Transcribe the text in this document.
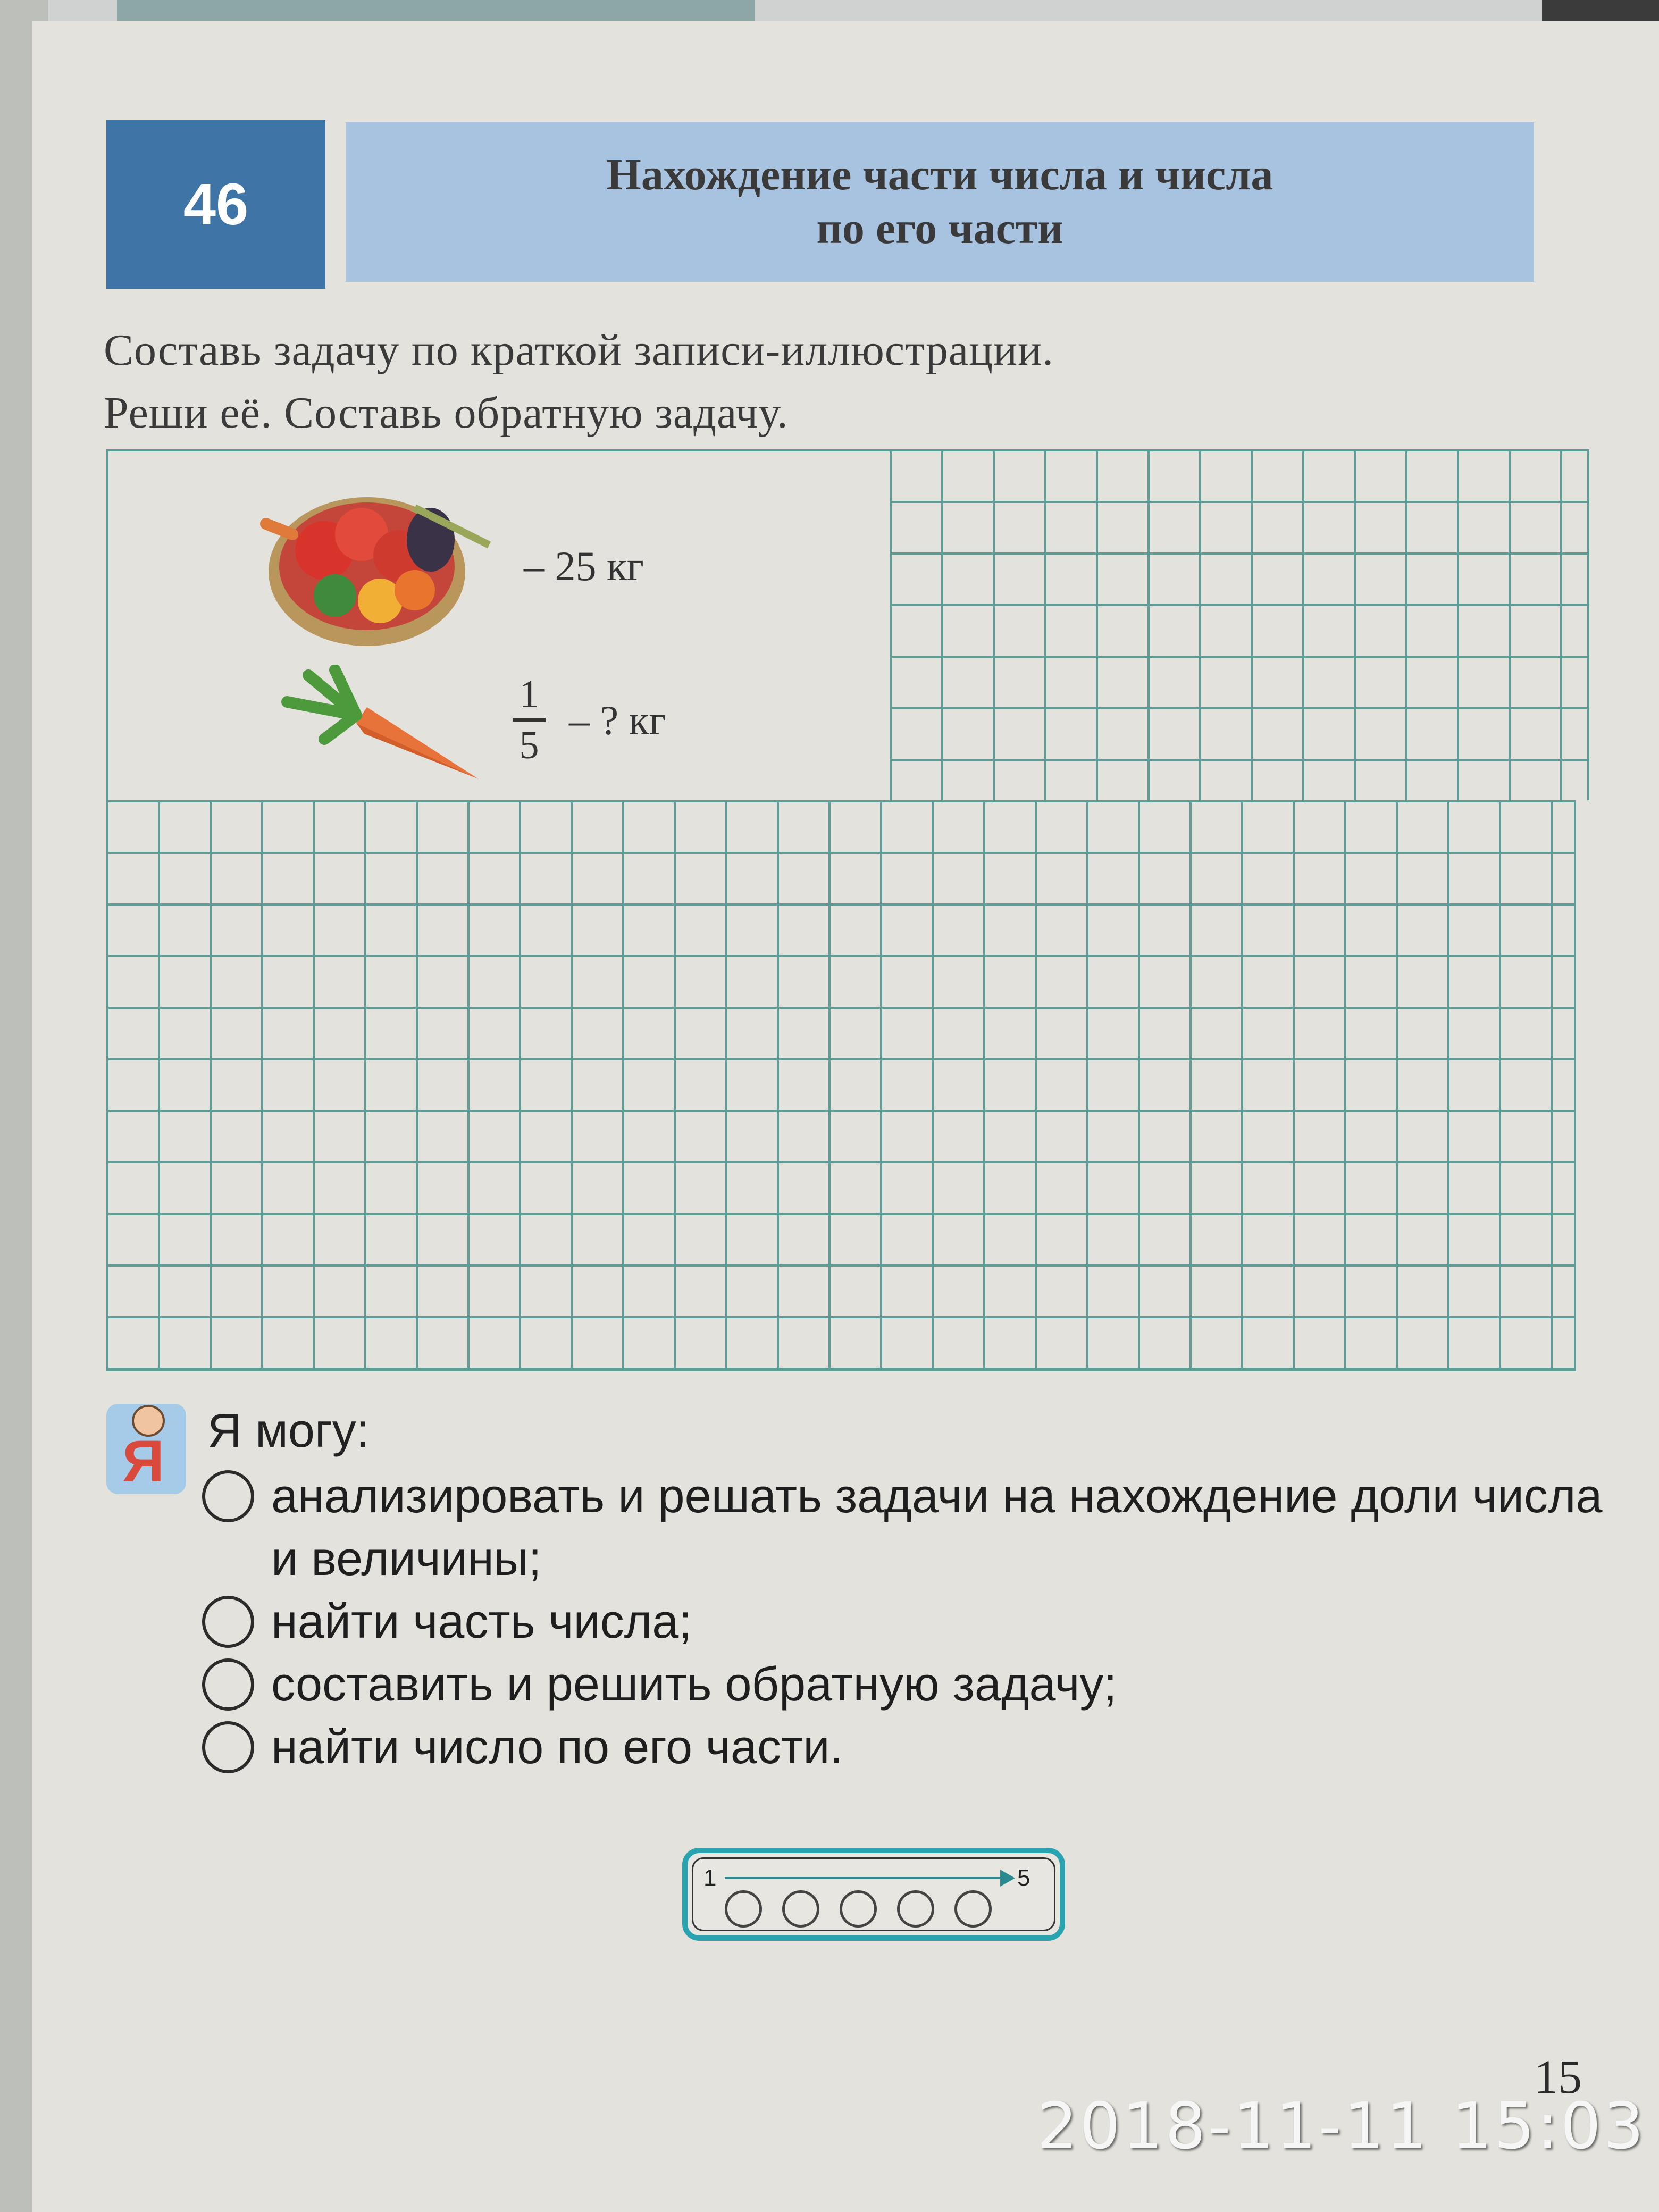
46	Нахождение части числа и числа
по его части
Составь задачу по краткой записи-иллюстрации.
Реши её. Составь обратную задачу.
– 25 кг
1
5
– ? кг
Я Я могу:
анализировать и решать задачи на нахождение доли числа и величины;
найти часть числа;
составить и решить обратную задачу;
найти число по его части.
1	5
15
2018-11-11 15:03
